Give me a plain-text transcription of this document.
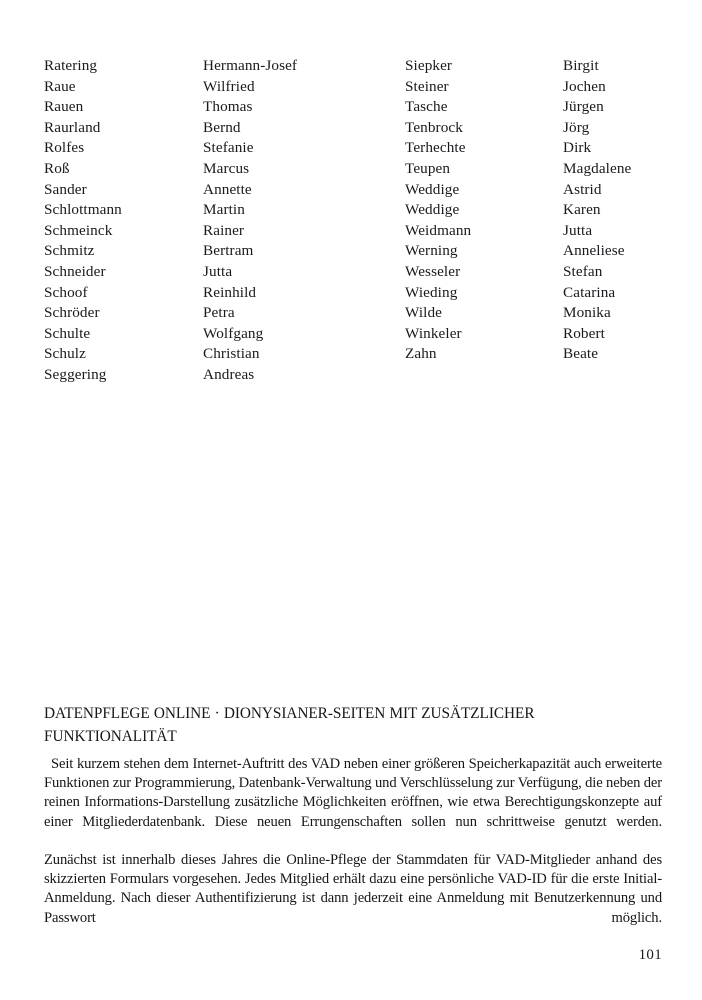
Ratering	Hermann-Josef	Siepker	Birgit
Raue	Wilfried	Steiner	Jochen
Rauen	Thomas	Tasche	Jürgen
Raurland	Bernd	Tenbrock	Jörg
Rolfes	Stefanie	Terhechte	Dirk
Roß	Marcus	Teupen	Magdalene
Sander	Annette	Weddige	Astrid
Schlottmann	Martin	Weddige	Karen
Schmeinck	Rainer	Weidmann	Jutta
Schmitz	Bertram	Werning	Anneliese
Schneider	Jutta	Wesseler	Stefan
Schoof	Reinhild	Wieding	Catarina
Schröder	Petra	Wilde	Monika
Schulte	Wolfgang	Winkeler	Robert
Schulz	Christian	Zahn	Beate
Seggering	Andreas
DATENPFLEGE ONLINE · DIONYSIANER-SEITEN MIT ZUSÄTZLICHER FUNKTIONALITÄT

Seit kurzem stehen dem Internet-Auftritt des VAD neben einer größeren Speicherkapazität auch erweiterte Funktionen zur Programmierung, Datenbank-Verwaltung und Verschlüsselung zur Verfügung, die neben der reinen Informations-Darstellung zusätzliche Möglichkeiten eröffnen, wie etwa Berechtigungskonzepte auf einer Mitgliederdatenbank. Diese neuen Errungenschaften sollen nun schrittweise genutzt werden.

Zunächst ist innerhalb dieses Jahres die Online-Pflege der Stammdaten für VAD-Mitglieder anhand des skizzierten Formulars vorgesehen. Jedes Mitglied erhält dazu eine persönliche VAD-ID für die erste Initial-Anmeldung. Nach dieser Authentifizierung ist dann jederzeit eine Anmeldung mit Benutzerkennung und Passwort möglich.

101
